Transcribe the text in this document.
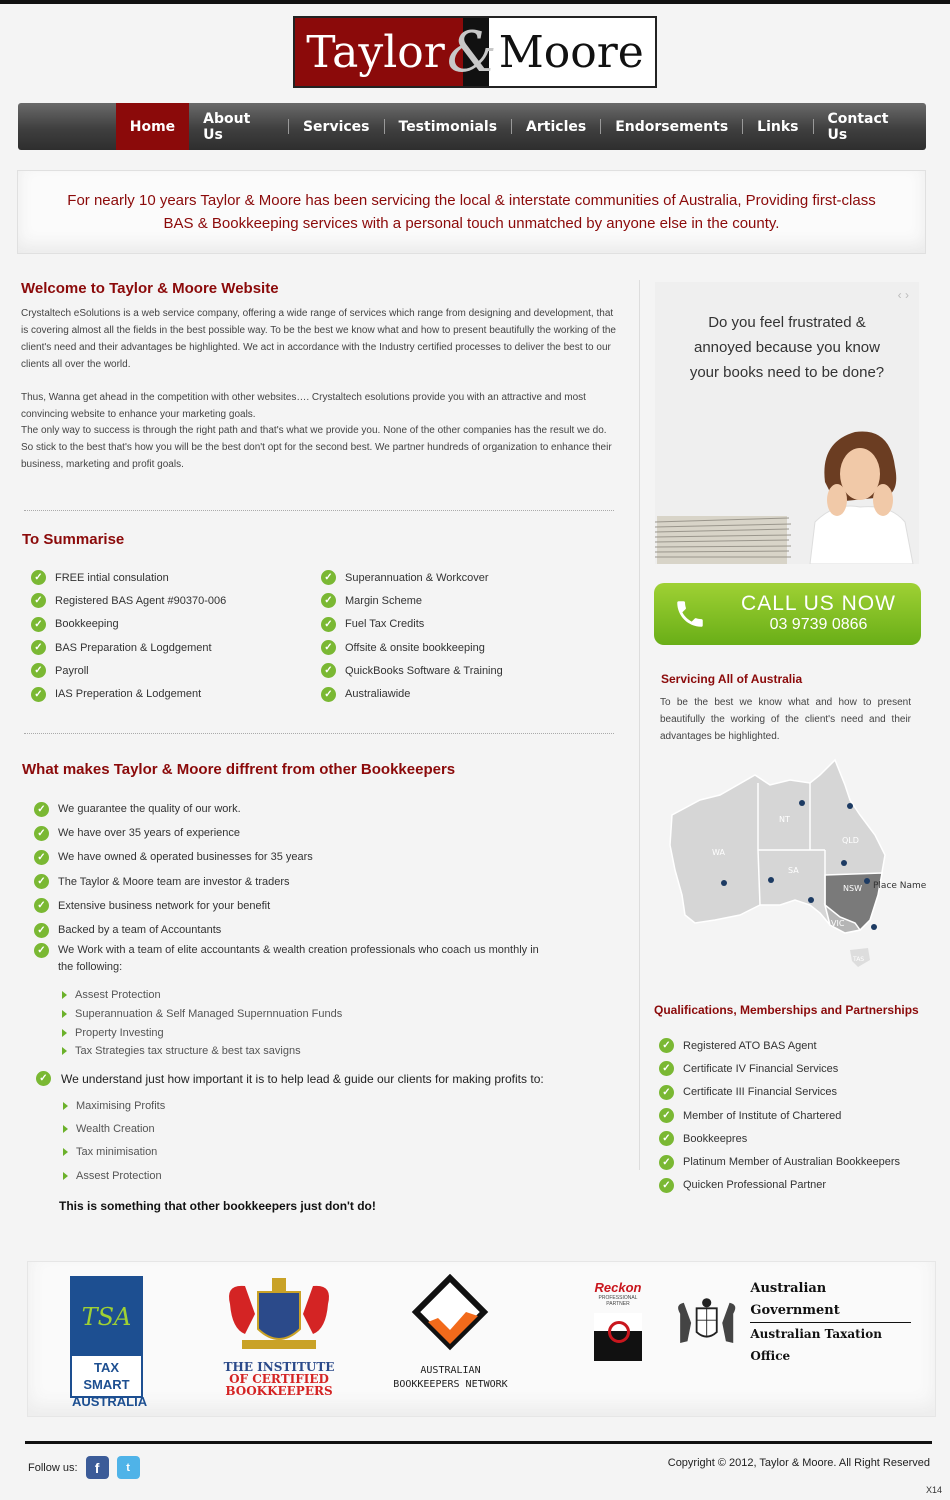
Taylor & Moore
Home	About Us	Services	Testimonials	Articles	Endorsements	Links	Contact Us
For nearly 10 years Taylor & Moore has been servicing the local & interstate communities of Australia, Providing first-class BAS & Bookkeeping services with a personal touch unmatched by anyone else in the county.
Welcome to Taylor & Moore Website

Crystaltech eSolutions is a web service company, offering a wide range of services which range from designing and development, that is covering almost all the fields in the best possible way. To be the best we know what and how to present beautifully the working of the client's need and their advantages be highlighted. We act in accordance with the Industry certified processes to deliver the best to our clients all over the world.

Thus, Wanna get ahead in the competition with other websites…. Crystaltech esolutions provide you with an attractive and most convincing website to enhance your marketing goals.

The only way to success is through the right path and that's what we provide you. None of the other companies has the result we do. So stick to the best that's how you will be the best don't opt for the second best. We partner hundreds of organization to enhance their business, marketing and profit goals.

To Summarise
✓	FREE intial consulation
✓	Registered BAS Agent #90370-006
✓	Bookkeeping
✓	BAS Preparation & Logdgement
✓	Payroll
✓	IAS Preperation & Lodgement
✓	Superannuation & Workcover
✓	Margin Scheme
✓	Fuel Tax Credits
✓	Offsite & onsite bookkeeping
✓	QuickBooks Software & Training
✓	Australiawide
What makes Taylor & Moore diffrent from other Bookkeepers
✓	We guarantee the quality of our work.
✓	We have over 35 years of experience
✓	We have owned & operated businesses for 35 years
✓	The Taylor & Moore team are investor & traders
✓	Extensive business network for your benefit
✓	Backed by a team of Accountants
✓	We Work with a team of elite accountants & wealth creation professionals who coach us monthly in
the following:
Assest Protection
Superannuation & Self Managed Supernnuation Funds
Property Investing
Tax Strategies tax structure & best tax savigns
✓ We understand just how important it is to help lead & guide our clients for making profits to:
Maximising Profits
Wealth Creation
Tax minimisation
Assest Protection
This is something that other bookkeepers just don't do!
‹ ›
Do you feel frustrated &
annoyed because you know
your books need to be done?
CALL US NOW
03 9739 0866
Servicing All of Australia

To be the best we know what and how to present beautifully the working of the client's need and their advantages be highlighted.

WA
NT
QLD
SA
NSW
VIC
TAS
Place Name
Qualifications, Memberships and Partnerships
✓	Registered ATO BAS Agent
✓	Certificate IV Financial Services
✓	Certificate III Financial Services
✓	Member of Institute of Chartered
✓	Bookkeepres
✓	Platinum Member of Australian Bookkeepers
✓	Quicken Professional Partner
TSA
TAX SMART
AUSTRALIA
THE INSTITUTE
OF CERTIFIED
BOOKKEEPERS
AUSTRALIAN
BOOKKEEPERS NETWORK
Reckon
PROFESSIONAL
PARTNER
Australian Government
Australian Taxation Office
Follow us:	f	t	Copyright © 2012, Taylor & Moore. All Right Reserved
X14
